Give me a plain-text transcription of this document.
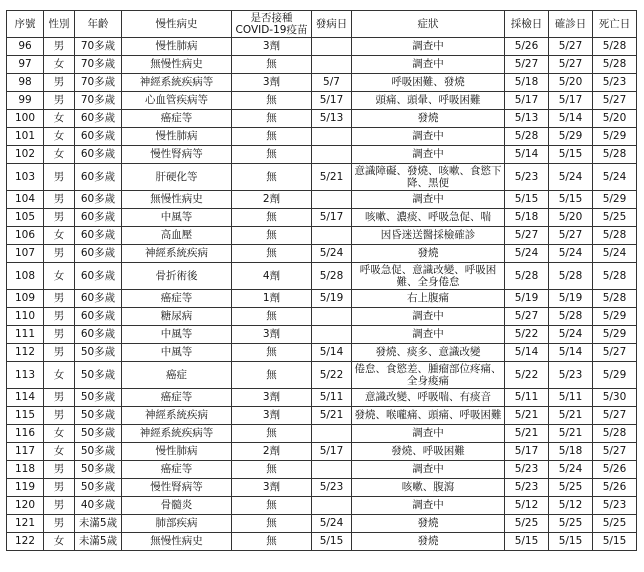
序號	性別	年齡	慢性病史	是否接種COVID-19疫苗	發病日	症狀	採檢日	確診日	死亡日
96	男	70多歲	慢性肺病	3劑		調查中	5/26	5/27	5/28
97	女	70多歲	無慢性病史	無		調查中	5/27	5/27	5/28
98	男	70多歲	神經系統疾病等	3劑	5/7	呼吸困難、發燒	5/18	5/20	5/23
99	男	70多歲	心血管疾病等	無	5/17	頭痛、頭暈、呼吸困難	5/17	5/17	5/27
100	女	60多歲	癌症等	無	5/13	發燒	5/13	5/14	5/20
101	女	60多歲	慢性肺病	無		調查中	5/28	5/29	5/29
102	女	60多歲	慢性腎病等	無		調查中	5/14	5/15	5/28
103	男	60多歲	肝硬化等	無	5/21	意識障礙、發燒、咳嗽、食慾下降、黑便	5/23	5/24	5/24
104	男	60多歲	無慢性病史	2劑		調查中	5/15	5/15	5/29
105	男	60多歲	中風等	無	5/17	咳嗽、濃痰、呼吸急促、喘	5/18	5/20	5/25
106	女	60多歲	高血壓	無		因昏迷送醫採檢確診	5/27	5/27	5/28
107	男	60多歲	神經系統疾病	無	5/24	發燒	5/24	5/24	5/24
108	女	60多歲	骨折術後	4劑	5/28	呼吸急促、意識改變、呼吸困難、全身倦怠	5/28	5/28	5/28
109	男	60多歲	癌症等	1劑	5/19	右上腹痛	5/19	5/19	5/28
110	男	60多歲	糖尿病	無		調查中	5/27	5/28	5/29
111	男	60多歲	中風等	3劑		調查中	5/22	5/24	5/29
112	男	50多歲	中風等	無	5/14	發燒、痰多、意識改變	5/14	5/14	5/27
113	女	50多歲	癌症	無	5/22	倦怠、食慾差、腫瘤部位疼痛、全身痠痛	5/22	5/23	5/29
114	男	50多歲	癌症等	3劑	5/11	意識改變、呼吸喘、有痰音	5/11	5/11	5/30
115	男	50多歲	神經系統疾病	3劑	5/21	發燒、喉嚨痛、頭痛、呼吸困難	5/21	5/21	5/27
116	女	50多歲	神經系統疾病等	無		調查中	5/21	5/21	5/28
117	女	50多歲	慢性肺病	2劑	5/17	發燒、呼吸困難	5/17	5/18	5/27
118	男	50多歲	癌症等	無		調查中	5/23	5/24	5/26
119	男	50多歲	慢性腎病等	3劑	5/23	咳嗽、腹瀉	5/23	5/25	5/26
120	男	40多歲	骨髓炎	無		調查中	5/12	5/12	5/23
121	男	未滿5歲	肺部疾病	無	5/24	發燒	5/25	5/25	5/25
122	女	未滿5歲	無慢性病史	無	5/15	發燒	5/15	5/15	5/15
